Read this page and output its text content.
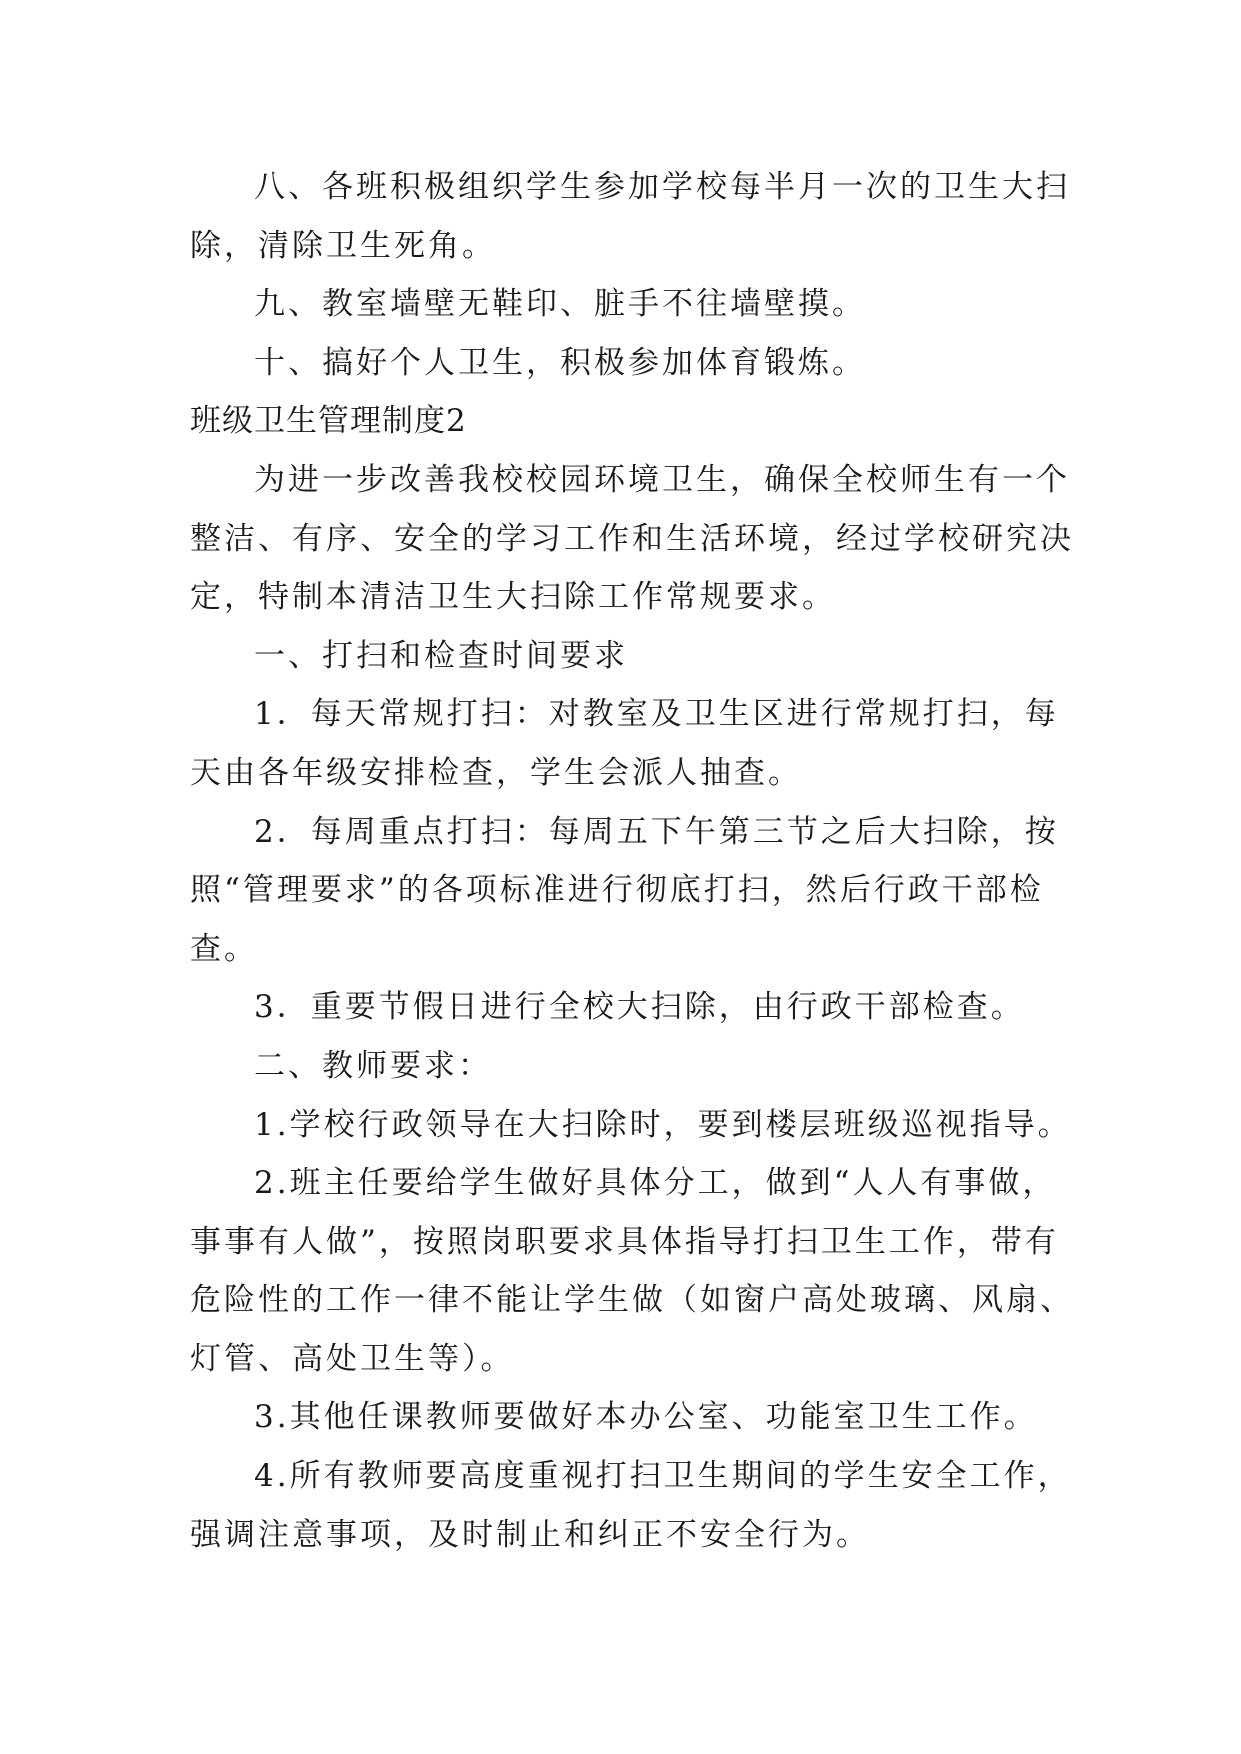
八、各班积极组织学生参加学校每半月一次的卫生大扫
除，清除卫生死角。
九、教室墙壁无鞋印、脏手不往墙壁摸。
十、搞好个人卫生，积极参加体育锻炼。
班级卫生管理制度2
为进一步改善我校校园环境卫生，确保全校师生有一个
整洁、有序、安全的学习工作和生活环境，经过学校研究决
定，特制本清洁卫生大扫除工作常规要求。
一、打扫和检查时间要求
1．每天常规打扫：对教室及卫生区进行常规打扫，每
天由各年级安排检查，学生会派人抽查。
2．每周重点打扫：每周五下午第三节之后大扫除，按
照“管理要求”的各项标准进行彻底打扫，然后行政干部检
查。
3．重要节假日进行全校大扫除，由行政干部检查。
二、教师要求：
1.学校行政领导在大扫除时，要到楼层班级巡视指导。
2.班主任要给学生做好具体分工，做到“人人有事做，
事事有人做”，按照岗职要求具体指导打扫卫生工作，带有
危险性的工作一律不能让学生做（如窗户高处玻璃、风扇、
灯管、高处卫生等）。
3.其他任课教师要做好本办公室、功能室卫生工作。
4.所有教师要高度重视打扫卫生期间的学生安全工作，
强调注意事项，及时制止和纠正不安全行为。
